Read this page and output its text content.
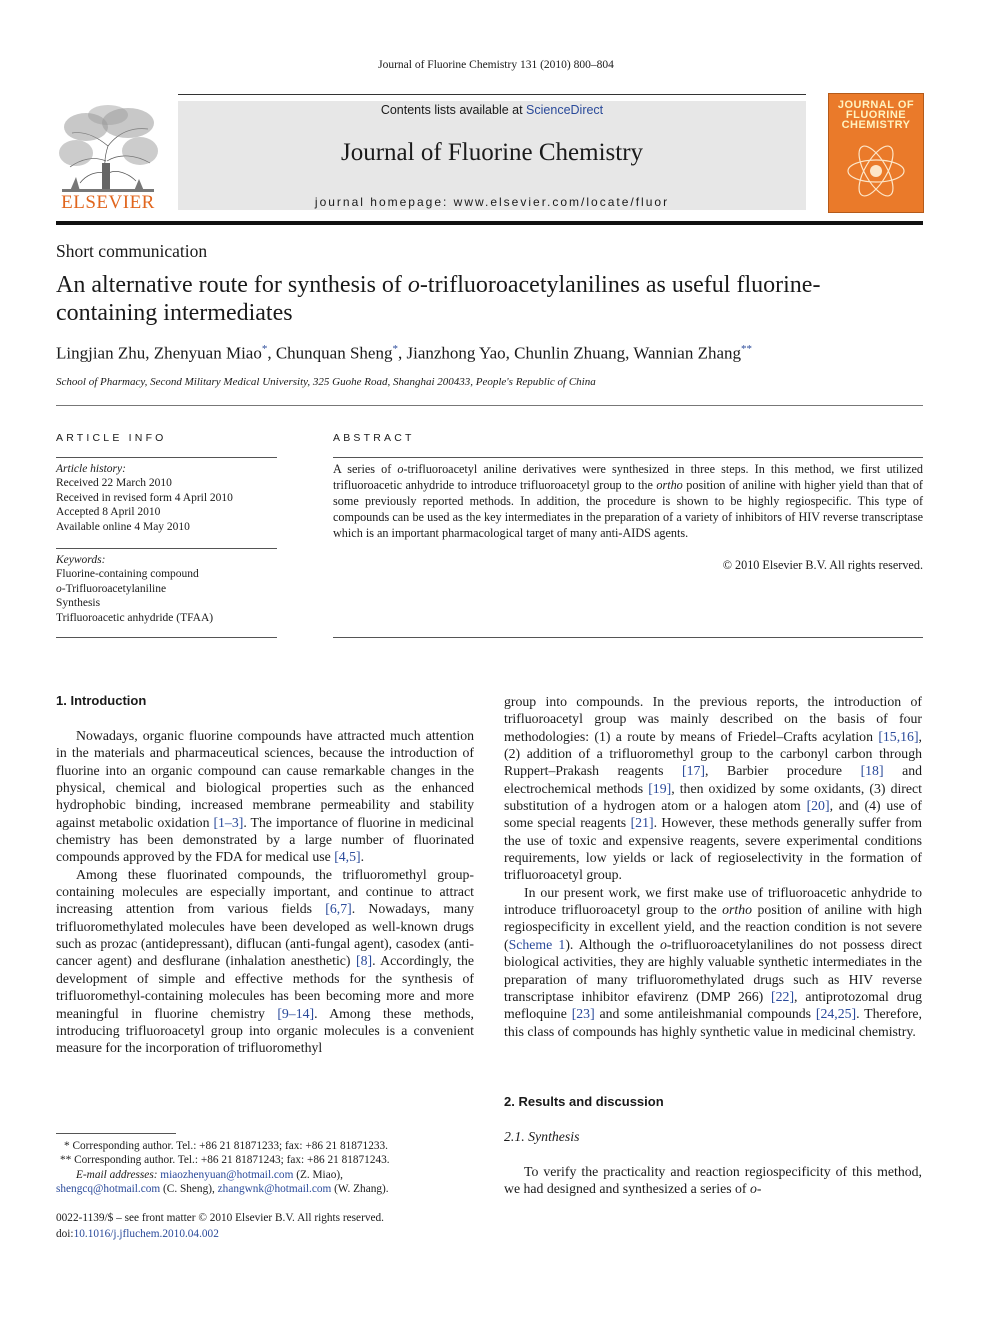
Journal of Fluorine Chemistry 131 (2010) 800–804
Contents lists available at ScienceDirect
Journal of Fluorine Chemistry
journal homepage: www.elsevier.com/locate/fluor
ELSEVIER
JOURNAL OF
FLUORINE
CHEMISTRY
Short communication
An alternative route for synthesis of o-trifluoroacetylanilines as useful fluorine-containing intermediates
Lingjian Zhu, Zhenyuan Miao*, Chunquan Sheng*, Jianzhong Yao, Chunlin Zhuang, Wannian Zhang**
School of Pharmacy, Second Military Medical University, 325 Guohe Road, Shanghai 200433, People's Republic of China
ARTICLE INFO	ABSTRACT
Article history:
Received 22 March 2010
Received in revised form 4 April 2010
Accepted 8 April 2010
Available online 4 May 2010
Keywords:
Fluorine-containing compound
o-Trifluoroacetylaniline
Synthesis
Trifluoroacetic anhydride (TFAA)
A series of o-trifluoroacetyl aniline derivatives were synthesized in three steps. In this method, we first utilized trifluoroacetic anhydride to introduce trifluoroacetyl group to the ortho position of aniline with higher yield than that of some previously reported methods. In addition, the procedure is shown to be highly regiospecific. This type of compounds can be used as the key intermediates in the preparation of a variety of inhibitors of HIV reverse transcriptase which is an important pharmacological target of many anti-AIDS agents.
© 2010 Elsevier B.V. All rights reserved.
1. Introduction

Nowadays, organic fluorine compounds have attracted much attention in the materials and pharmaceutical sciences, because the introduction of fluorine into an organic compound can cause remarkable changes in the physical, chemical and biological properties such as the enhanced hydrophobic binding, increased membrane permeability and stability against metabolic oxidation [1–3]. The importance of fluorine in medicinal chemistry has been demonstrated by a large number of fluorinated compounds approved by the FDA for medical use [4,5].

Among these fluorinated compounds, the trifluoromethyl group-containing molecules are especially important, and continue to attract increasing attention from various fields [6,7]. Nowadays, many trifluoromethylated molecules have been developed as well-known drugs such as prozac (antidepressant), diflucan (anti-fungal agent), casodex (anti-cancer agent) and desflurane (inhalation anesthetic) [8]. Accordingly, the development of simple and effective methods for the synthesis of trifluoromethyl-containing molecules has been becoming more and more meaningful in fluorine chemistry [9–14]. Among these methods, introducing trifluoroacetyl group into organic molecules is a convenient measure for the incorporation of trifluoromethyl

group into compounds. In the previous reports, the introduction of trifluoroacetyl group was mainly described on the basis of four methodologies: (1) a route by means of Friedel–Crafts acylation [15,16], (2) addition of a trifluoromethyl group to the carbonyl carbon through Ruppert–Prakash reagents [17], Barbier procedure [18] and electrochemical methods [19], then oxidized by some oxidants, (3) direct substitution of a hydrogen atom or a halogen atom [20], and (4) use of some special reagents [21]. However, these methods generally suffer from the use of toxic and expensive reagents, severe experimental conditions requirements, low yields or lack of regioselectivity in the formation of trifluoroacetyl group.

In our present work, we first make use of trifluoroacetic anhydride to introduce trifluoroacetyl group to the ortho position of aniline with high regiospecificity in excellent yield, and the reaction condition is not severe (Scheme 1). Although the o-trifluoroacetylanilines do not possess direct biological activities, they are highly valuable synthetic intermediates in the preparation of many trifluoromethylated drugs such as HIV reverse transcriptase inhibitor efavirenz (DMP 266) [22], antiprotozomal drug mefloquine [23] and some antileishmanial compounds [24,25]. Therefore, this class of compounds has highly synthetic value in medicinal chemistry.

2. Results and discussion
2.1. Synthesis

To verify the practicality and reaction regiospecificity of this method, we had designed and synthesized a series of o-

* Corresponding author. Tel.: +86 21 81871233; fax: +86 21 81871233.
** Corresponding author. Tel.: +86 21 81871243; fax: +86 21 81871243.
E-mail addresses: miaozhenyuan@hotmail.com (Z. Miao),
shengcq@hotmail.com (C. Sheng), zhangwnk@hotmail.com (W. Zhang).
0022-1139/$ – see front matter © 2010 Elsevier B.V. All rights reserved.
doi:10.1016/j.jfluchem.2010.04.002
